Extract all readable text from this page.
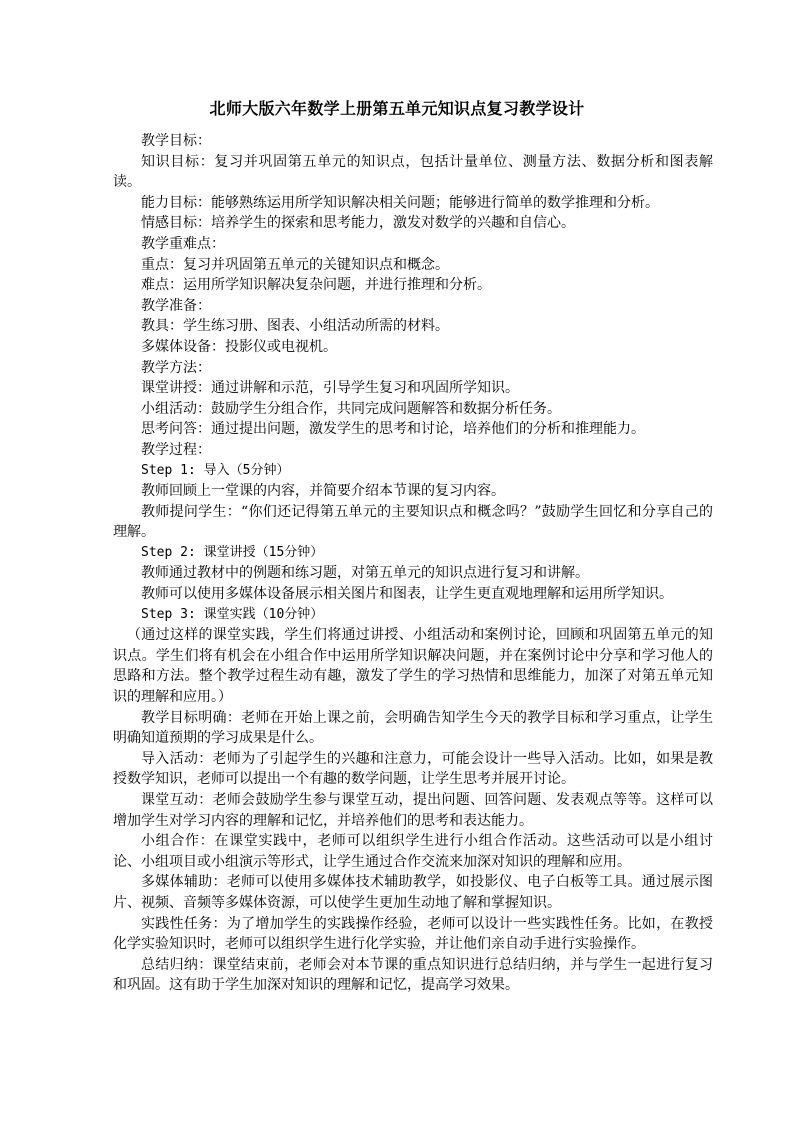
北师大版六年数学上册第五单元知识点复习教学设计

教学目标：

知识目标：复习并巩固第五单元的知识点，包括计量单位、测量方法、数据分析和图表解读。

能力目标：能够熟练运用所学知识解决相关问题；能够进行简单的数学推理和分析。

情感目标：培养学生的探索和思考能力，激发对数学的兴趣和自信心。

教学重难点：

重点：复习并巩固第五单元的关键知识点和概念。

难点：运用所学知识解决复杂问题，并进行推理和分析。

教学准备：

教具：学生练习册、图表、小组活动所需的材料。

多媒体设备：投影仪或电视机。

教学方法：

课堂讲授：通过讲解和示范，引导学生复习和巩固所学知识。

小组活动：鼓励学生分组合作，共同完成问题解答和数据分析任务。

思考问答：通过提出问题，激发学生的思考和讨论，培养他们的分析和推理能力。

教学过程：

Step 1: 导入（5分钟）

教师回顾上一堂课的内容，并简要介绍本节课的复习内容。

教师提问学生：“你们还记得第五单元的主要知识点和概念吗？”鼓励学生回忆和分享自己的理解。

Step 2: 课堂讲授（15分钟）

教师通过教材中的例题和练习题，对第五单元的知识点进行复习和讲解。

教师可以使用多媒体设备展示相关图片和图表，让学生更直观地理解和运用所学知识。

Step 3: 课堂实践（10分钟）

（通过这样的课堂实践，学生们将通过讲授、小组活动和案例讨论，回顾和巩固第五单元的知识点。学生们将有机会在小组合作中运用所学知识解决问题，并在案例讨论中分享和学习他人的思路和方法。整个教学过程生动有趣，激发了学生的学习热情和思维能力，加深了对第五单元知识的理解和应用。）

教学目标明确：老师在开始上课之前，会明确告知学生今天的教学目标和学习重点，让学生明确知道预期的学习成果是什么。

导入活动：老师为了引起学生的兴趣和注意力，可能会设计一些导入活动。比如，如果是教授数学知识，老师可以提出一个有趣的数学问题，让学生思考并展开讨论。

课堂互动：老师会鼓励学生参与课堂互动，提出问题、回答问题、发表观点等等。这样可以增加学生对学习内容的理解和记忆，并培养他们的思考和表达能力。

小组合作：在课堂实践中，老师可以组织学生进行小组合作活动。这些活动可以是小组讨论、小组项目或小组演示等形式，让学生通过合作交流来加深对知识的理解和应用。

多媒体辅助：老师可以使用多媒体技术辅助教学，如投影仪、电子白板等工具。通过展示图片、视频、音频等多媒体资源，可以使学生更加生动地了解和掌握知识。

实践性任务：为了增加学生的实践操作经验，老师可以设计一些实践性任务。比如，在教授化学实验知识时，老师可以组织学生进行化学实验，并让他们亲自动手进行实验操作。

总结归纳：课堂结束前，老师会对本节课的重点知识进行总结归纳，并与学生一起进行复习和巩固。这有助于学生加深对知识的理解和记忆，提高学习效果。
